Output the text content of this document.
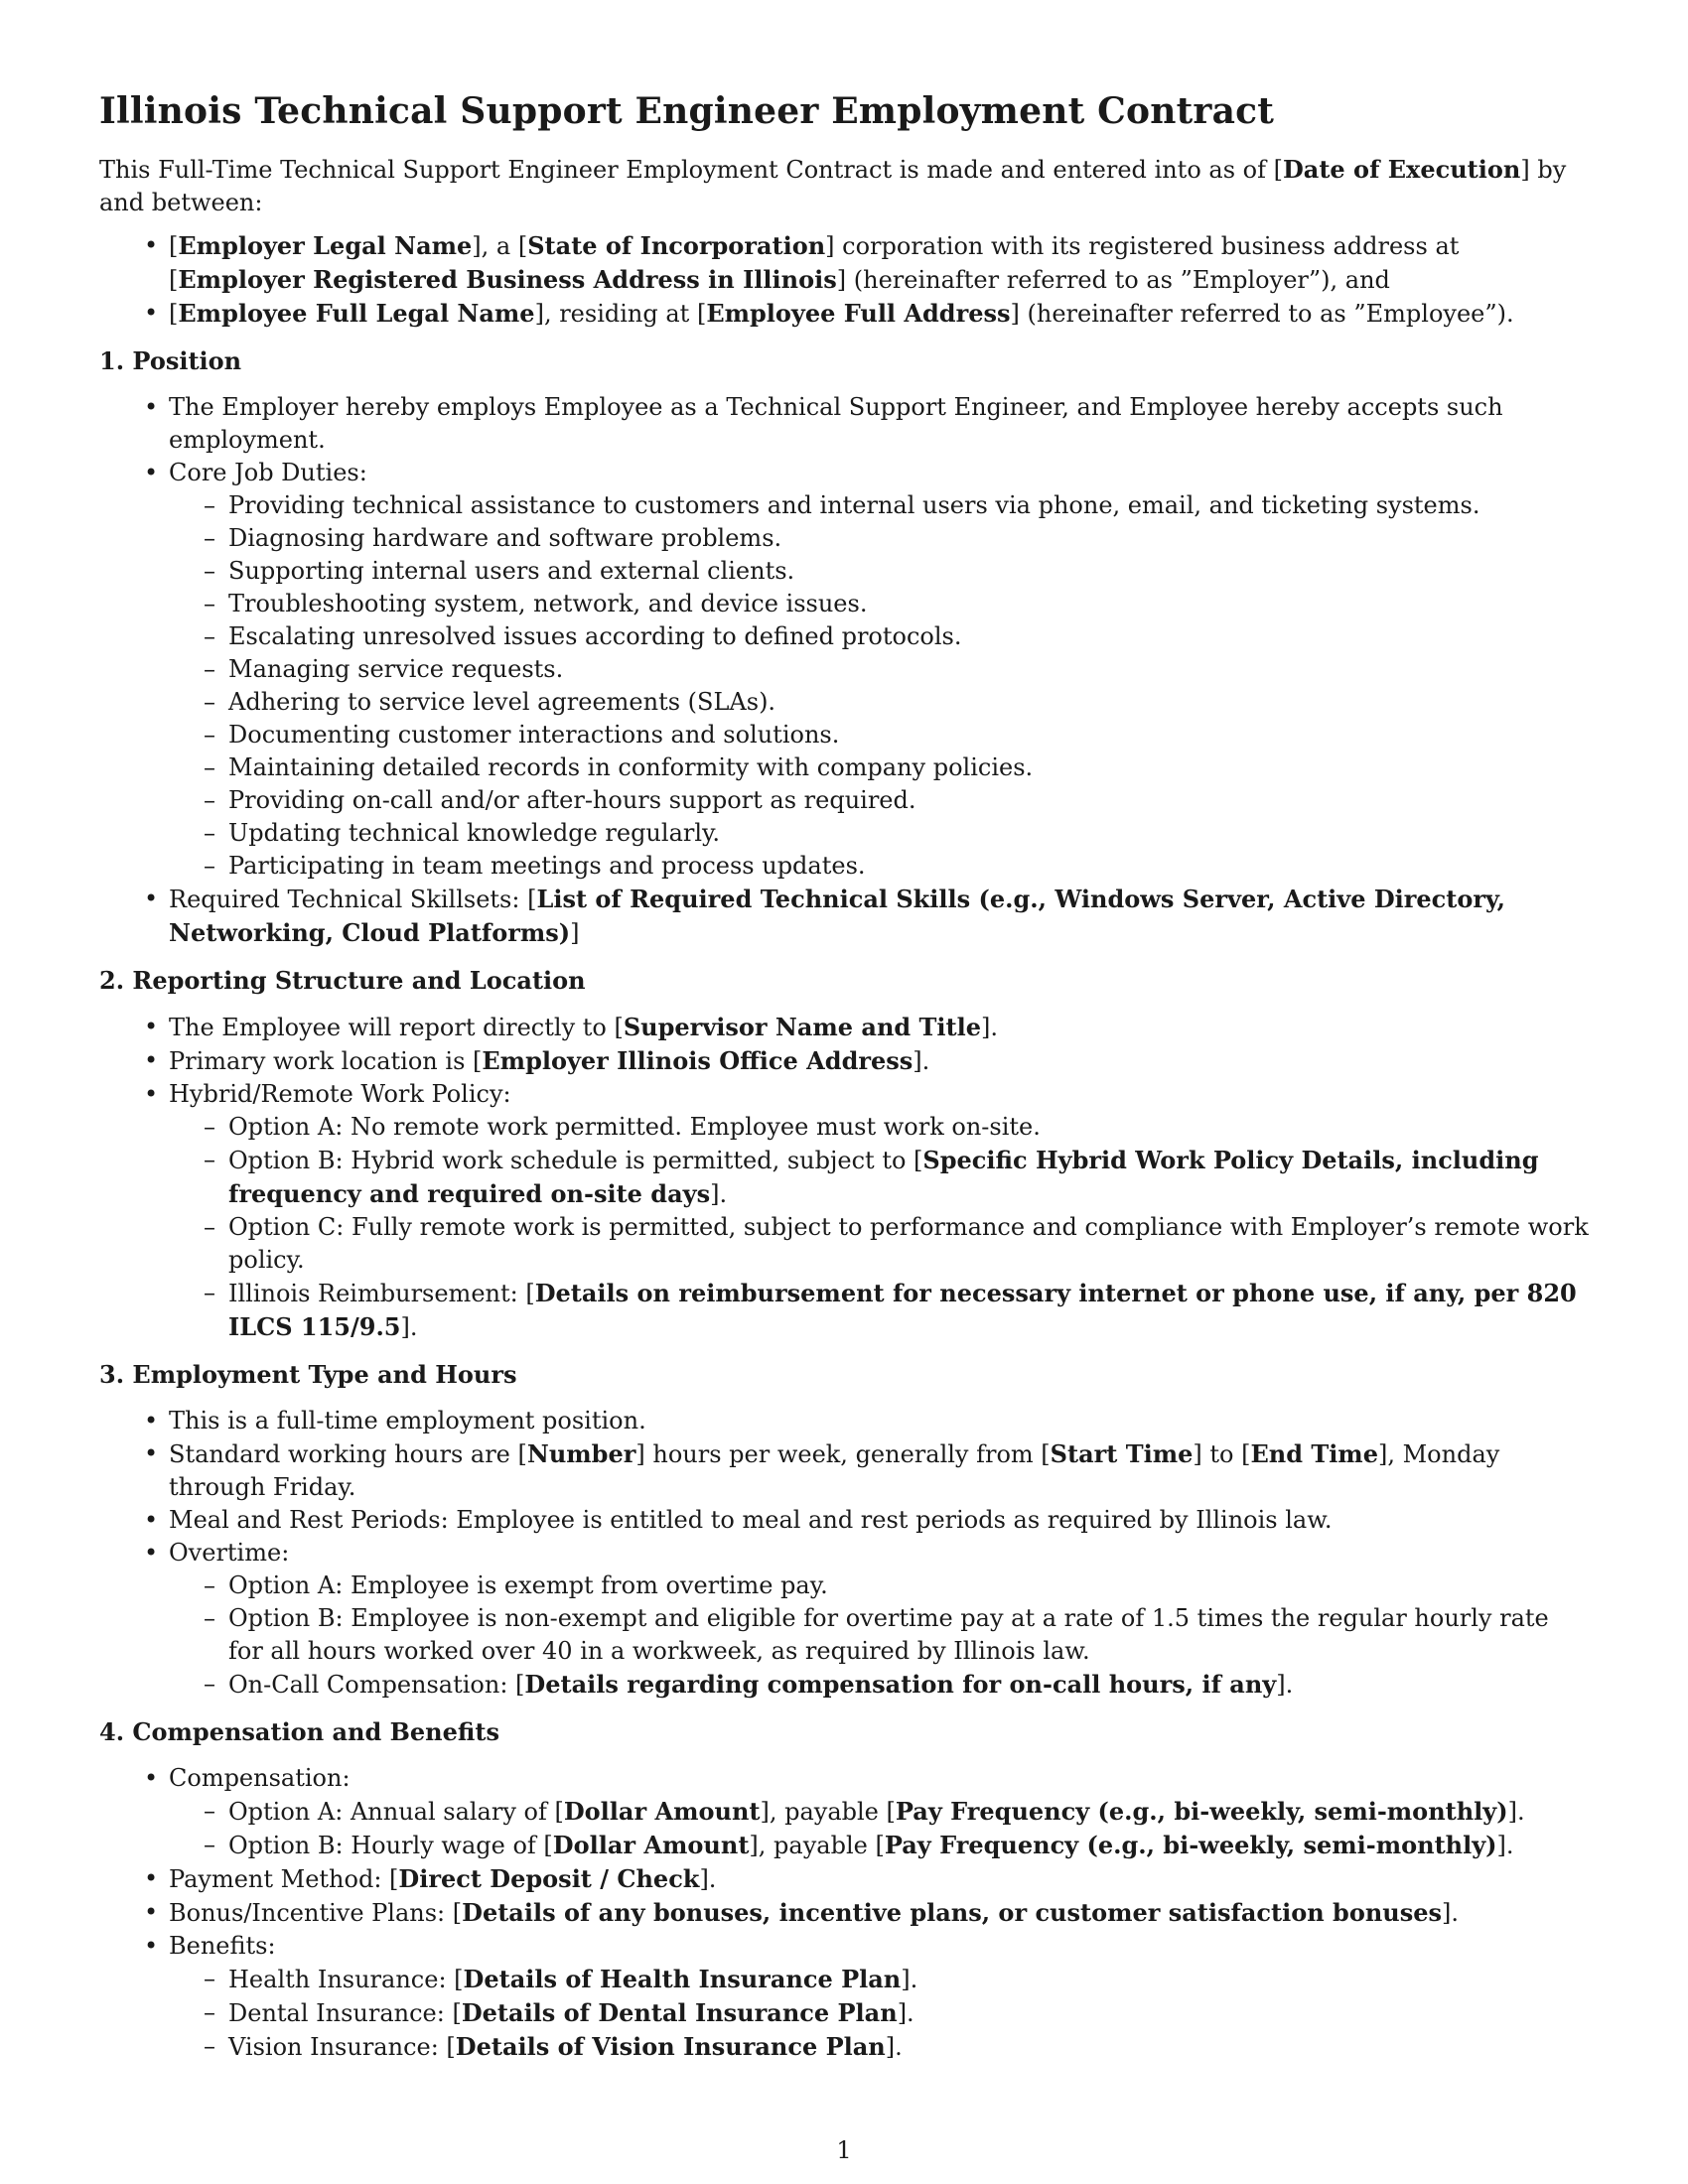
Illinois Technical Support Engineer Employment Contract

This Full-Time Technical Support Engineer Employment Contract is made and entered into as of [Date of Execution] by and between:

• [Employer Legal Name], a [State of Incorporation] corporation with its registered business address at [Employer Registered Business Address in Illinois] (hereinafter referred to as ”Employer”), and
• [Employee Full Legal Name], residing at [Employee Full Address] (hereinafter referred to as ”Employee”).
1. Position
• The Employer hereby employs Employee as a Technical Support Engineer, and Employee hereby accepts such employment.
• Core Job Duties:
– Providing technical assistance to customers and internal users via phone, email, and ticketing systems.
– Diagnosing hardware and software problems.
– Supporting internal users and external clients.
– Troubleshooting system, network, and device issues.
– Escalating unresolved issues according to defined protocols.
– Managing service requests.
– Adhering to service level agreements (SLAs).
– Documenting customer interactions and solutions.
– Maintaining detailed records in conformity with company policies.
– Providing on-call and/or after-hours support as required.
– Updating technical knowledge regularly.
– Participating in team meetings and process updates.
• Required Technical Skillsets: [List of Required Technical Skills (e.g., Windows Server, Active Directory, Networking, Cloud Platforms)]
2. Reporting Structure and Location
• The Employee will report directly to [Supervisor Name and Title].
• Primary work location is [Employer Illinois Office Address].
• Hybrid/Remote Work Policy:
– Option A: No remote work permitted. Employee must work on-site.
– Option B: Hybrid work schedule is permitted, subject to [Specific Hybrid Work Policy Details, including frequency and required on-site days].
– Option C: Fully remote work is permitted, subject to performance and compliance with Employer’s remote work policy.
– Illinois Reimbursement: [Details on reimbursement for necessary internet or phone use, if any, per 820 ILCS 115/9.5].
3. Employment Type and Hours
• This is a full-time employment position.
• Standard working hours are [Number] hours per week, generally from [Start Time] to [End Time], Monday through Friday.
• Meal and Rest Periods: Employee is entitled to meal and rest periods as required by Illinois law.
• Overtime:
– Option A: Employee is exempt from overtime pay.
– Option B: Employee is non-exempt and eligible for overtime pay at a rate of 1.5 times the regular hourly rate for all hours worked over 40 in a workweek, as required by Illinois law.
– On-Call Compensation: [Details regarding compensation for on-call hours, if any].
4. Compensation and Benefits
• Compensation:
– Option A: Annual salary of [Dollar Amount], payable [Pay Frequency (e.g., bi-weekly, semi-monthly)].
– Option B: Hourly wage of [Dollar Amount], payable [Pay Frequency (e.g., bi-weekly, semi-monthly)].
• Payment Method: [Direct Deposit / Check].
• Bonus/Incentive Plans: [Details of any bonuses, incentive plans, or customer satisfaction bonuses].
• Benefits:
– Health Insurance: [Details of Health Insurance Plan].
– Dental Insurance: [Details of Dental Insurance Plan].
– Vision Insurance: [Details of Vision Insurance Plan].
1
